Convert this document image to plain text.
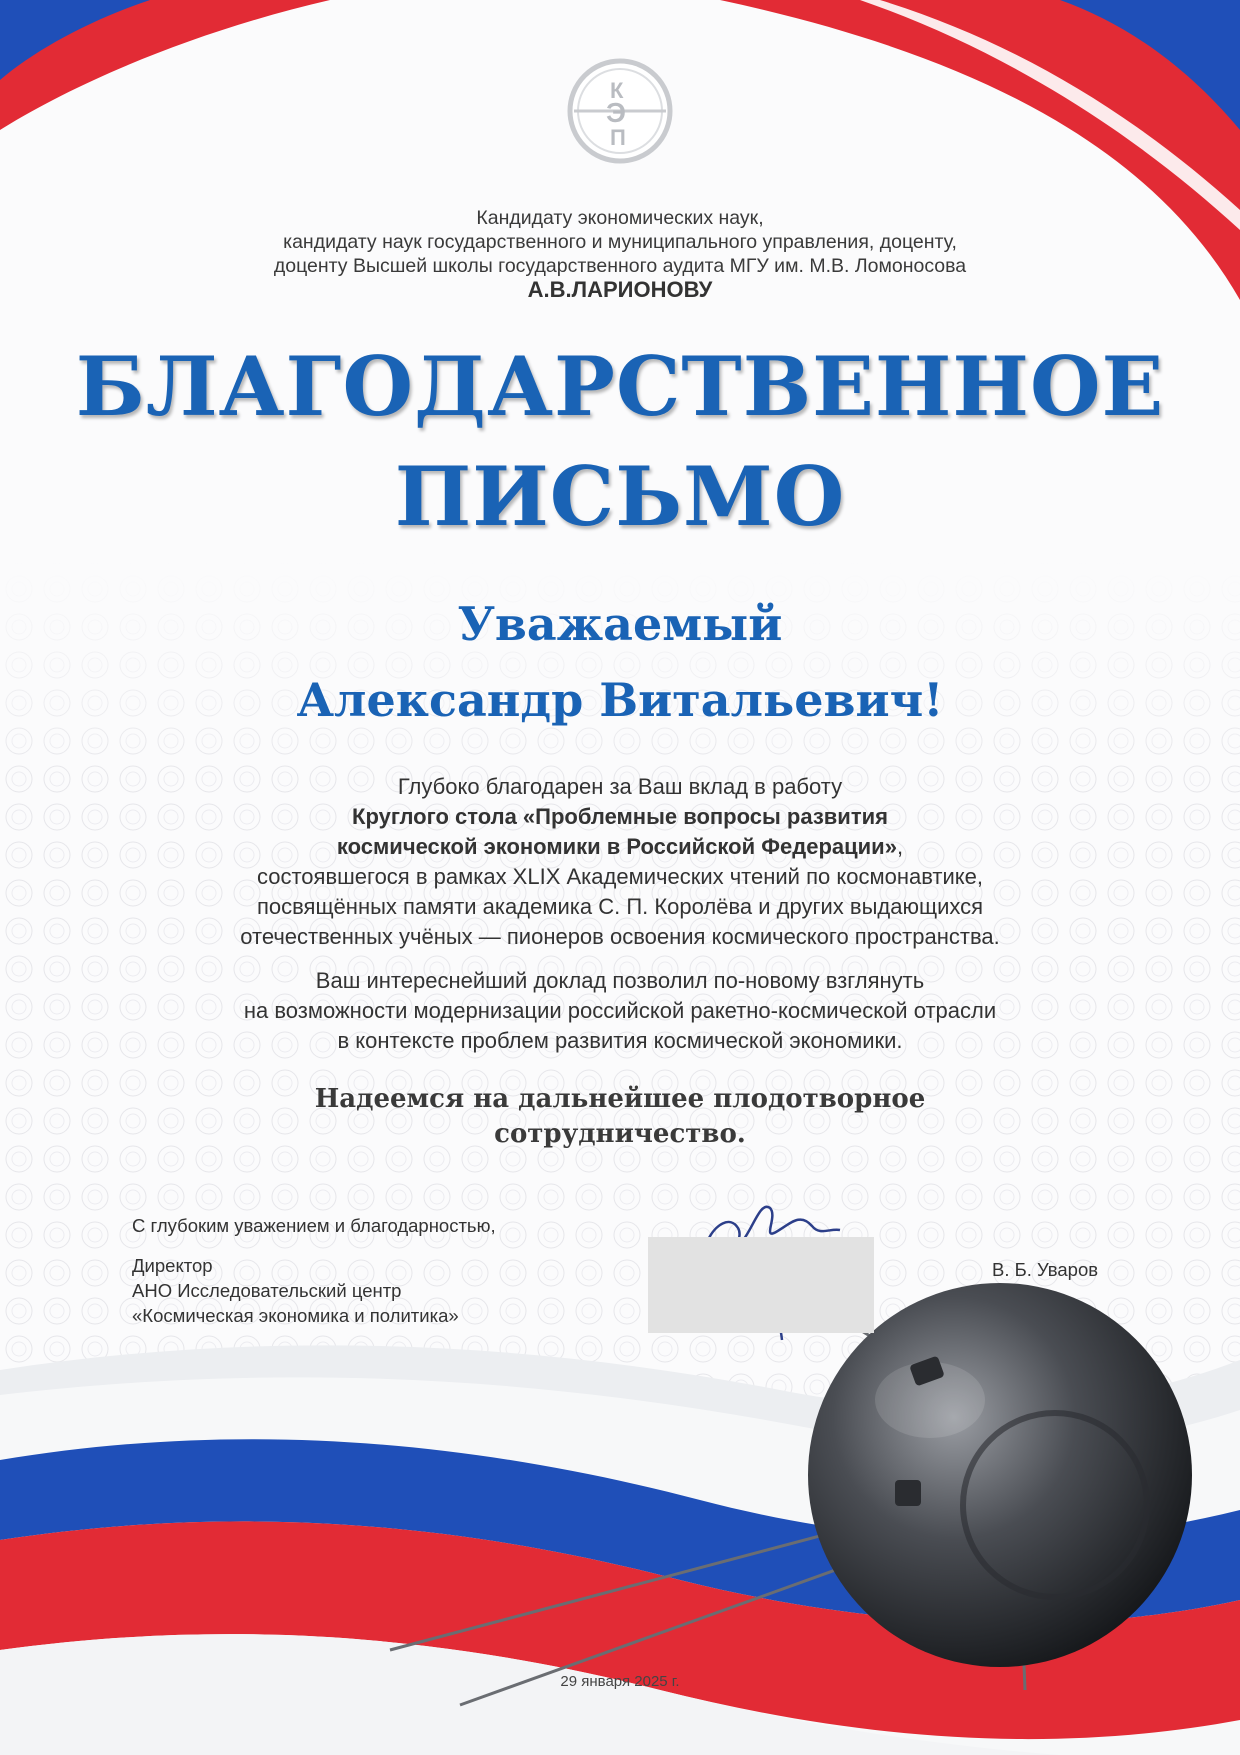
К
Э
П
Кандидату экономических наук,
кандидату наук государственного и муниципального управления, доценту,
доценту Высшей школы государственного аудита МГУ им. М.В. Ломоносова
А.В.ЛАРИОНОВУ
БЛАГОДАРСТВЕННОЕ
ПИСЬМО
Уважаемый
Александр Витальевич!
Глубоко благодарен за Ваш вклад в работу
Круглого стола «Проблемные вопросы развития
космической экономики в Российской Федерации»,
состоявшегося в рамках XLIX Академических чтений по космонавтике,
посвящённых памяти академика С. П. Королёва и других выдающихся
отечественных учёных — пионеров освоения космического пространства.
Ваш интереснейший доклад позволил по-новому взглянуть
на возможности модернизации российской ракетно-космической отрасли
в контексте проблем развития космической экономики.
Надеемся на дальнейшее плодотворное
сотрудничество.
С глубоким уважением и благодарностью,
Директор
АНО Исследовательский центр
«Космическая экономика и политика»
В. Б. Уваров
29 января 2025 г.
